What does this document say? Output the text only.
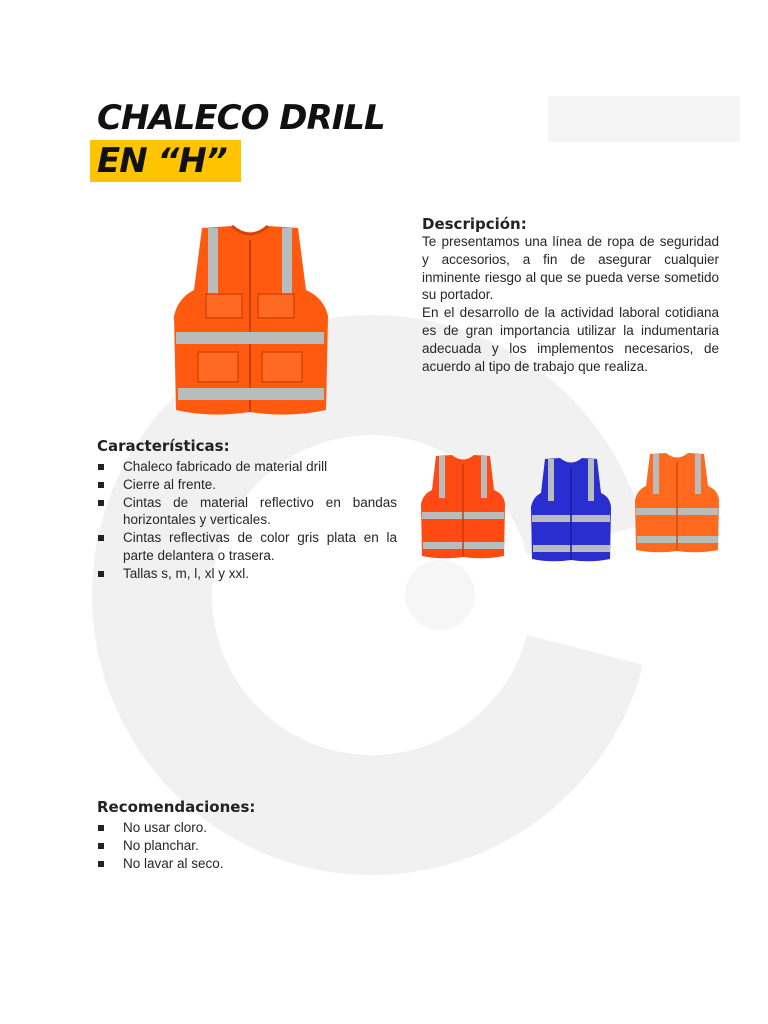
CHALECO DRILL
EN “H”
Descripción:

Te presentamos una línea de ropa de seguridad y accesorios, a fin de asegurar cualquier inminente riesgo al que se pueda verse sometido su portador.

En el desarrollo de la actividad laboral cotidiana es de gran importancia utilizar la indumentaria adecuada y los implementos necesarios, de acuerdo al tipo de trabajo que realiza.

Características:
Chaleco fabricado de material drill
Cierre al frente.
Cintas de material reflectivo en bandas horizontales y verticales.
Cintas reflectivas de color gris plata en la parte delantera o trasera.
Tallas s, m, l, xl y xxl.
Recomendaciones:
No usar cloro.
No planchar.
No lavar al seco.
